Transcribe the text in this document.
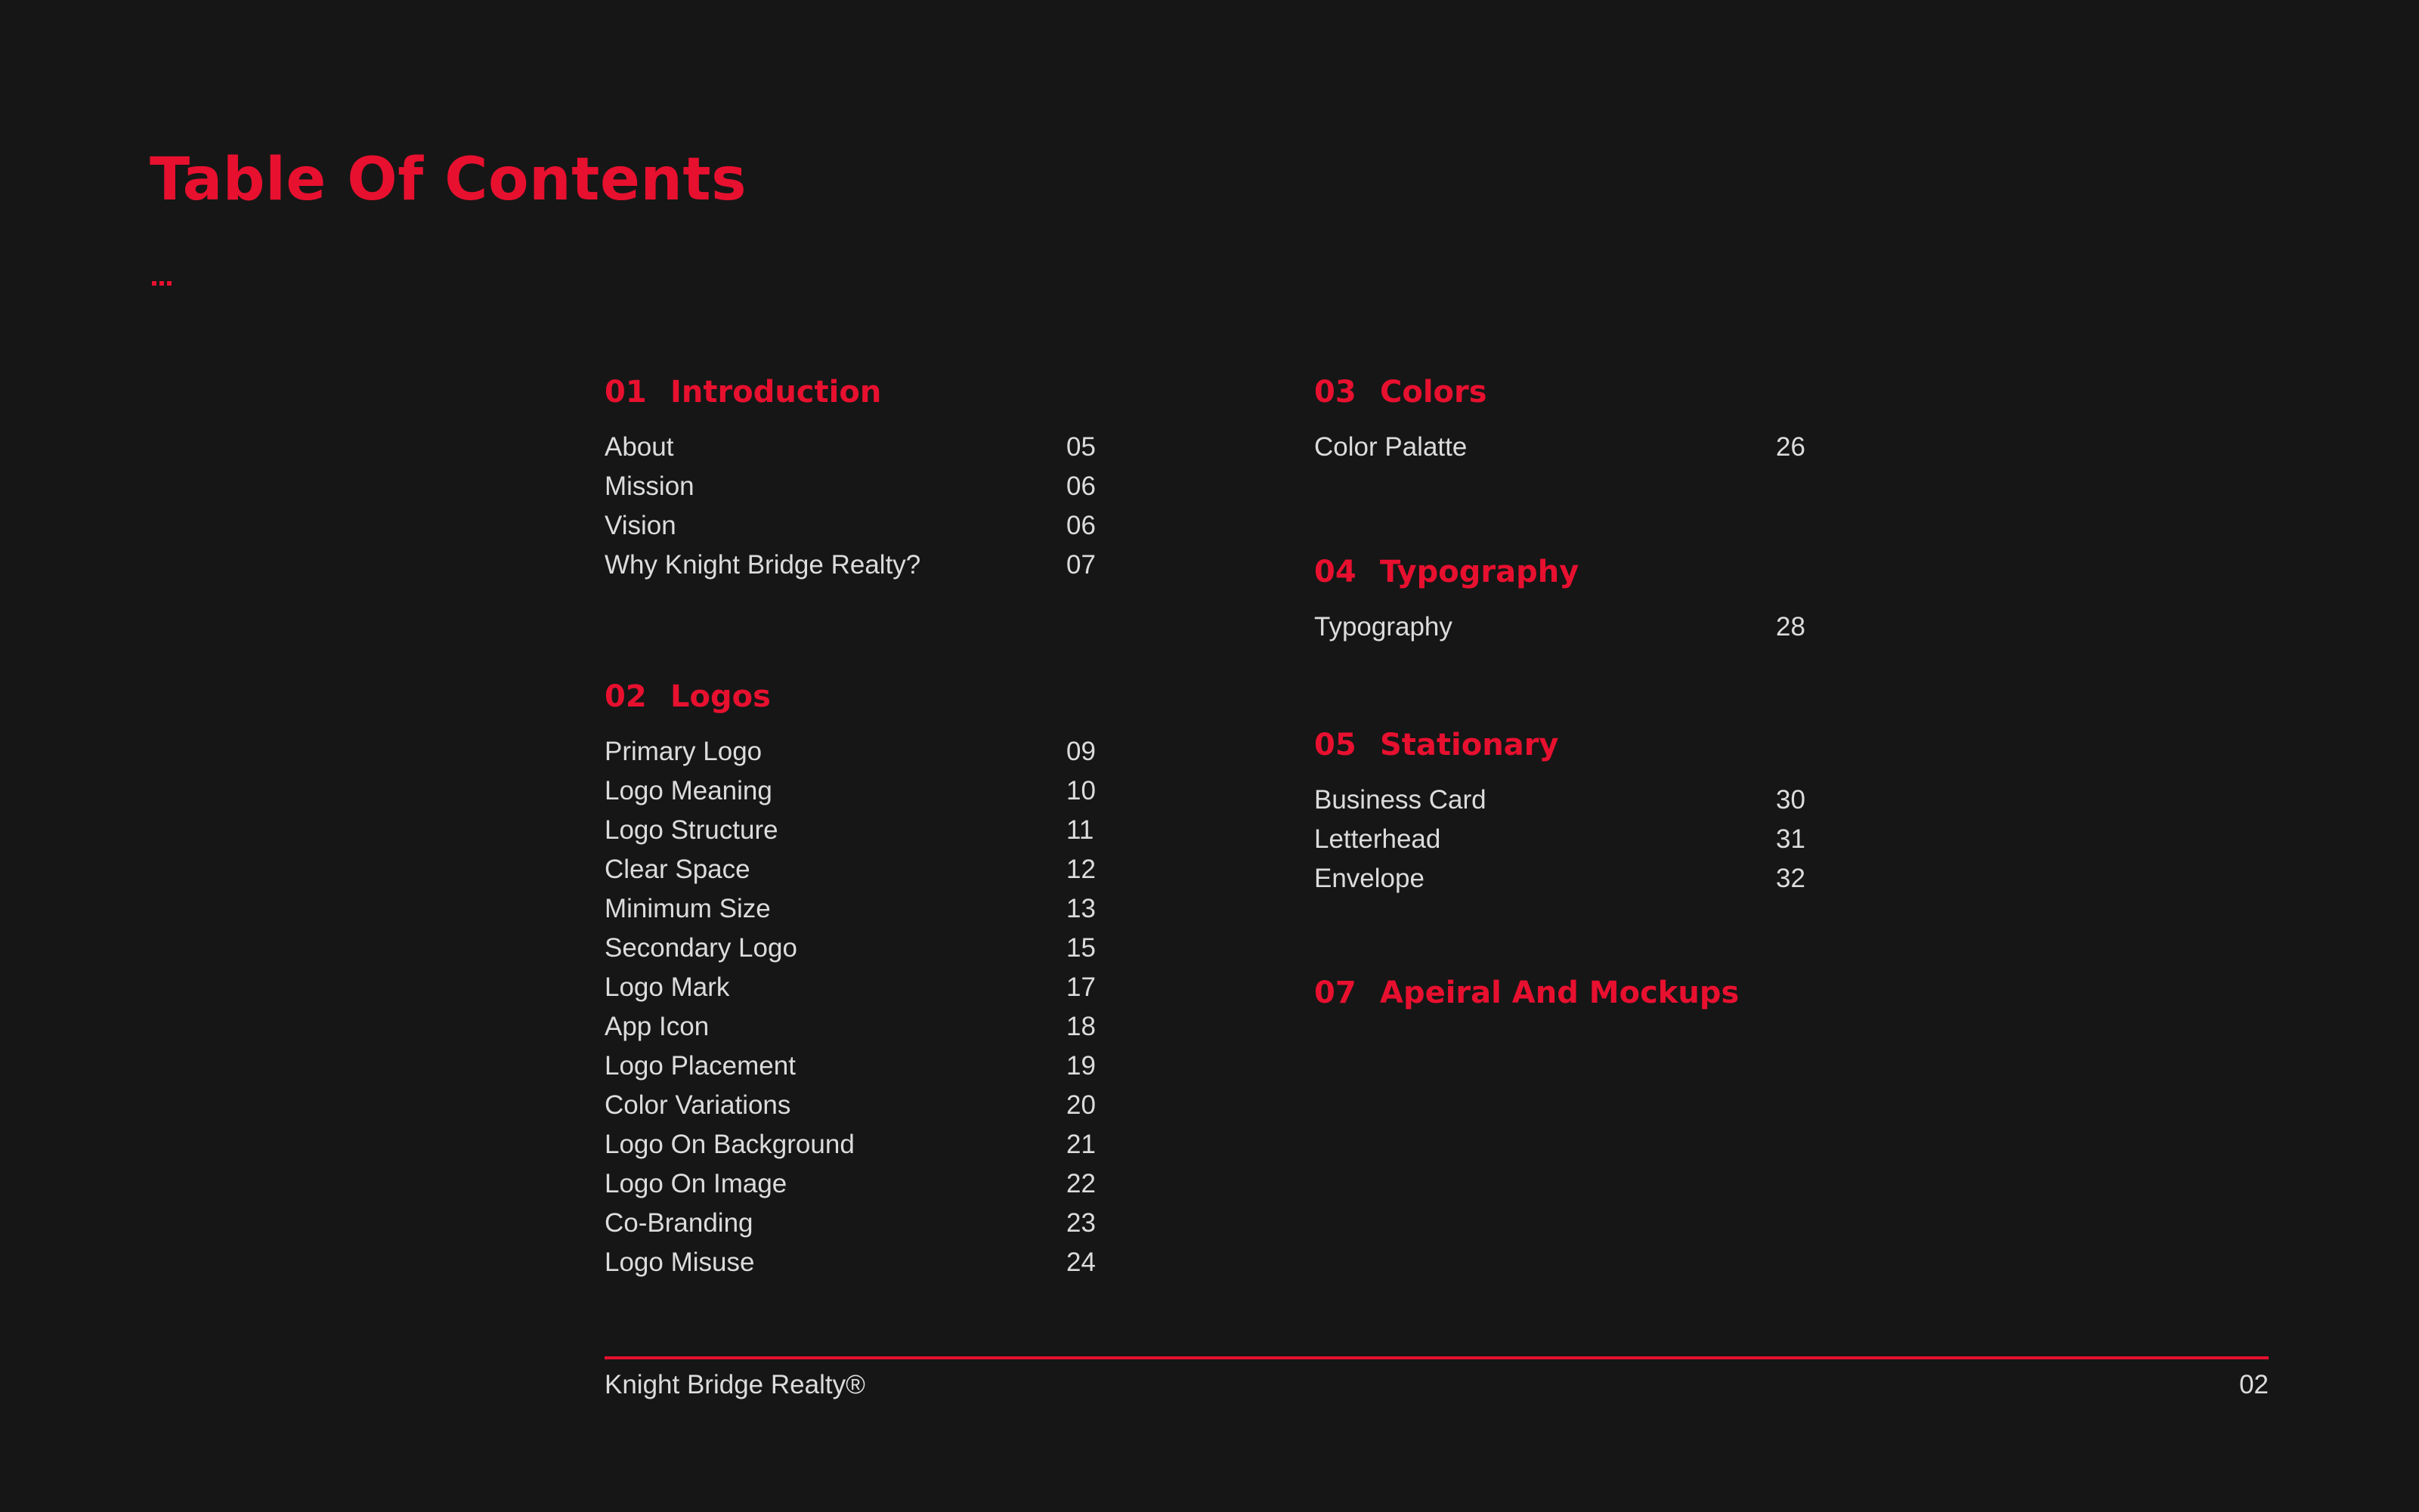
Table Of Contents
01 Introduction
About	05
Mission	06
Vision	06
Why Knight Bridge Realty?	07
02 Logos
Primary Logo	09
Logo Meaning	10
Logo Structure	11
Clear Space	12
Minimum Size	13
Secondary Logo	15
Logo Mark	17
App Icon	18
Logo Placement	19
Color Variations	20
Logo On Background	21
Logo On Image	22
Co-Branding	23
Logo Misuse	24
03 Colors
Color Palatte	26
04 Typography
Typography	28
05 Stationary
Business Card	30
Letterhead	31
Envelope	32
07 Apeiral And Mockups
Knight Bridge Realty®	02
